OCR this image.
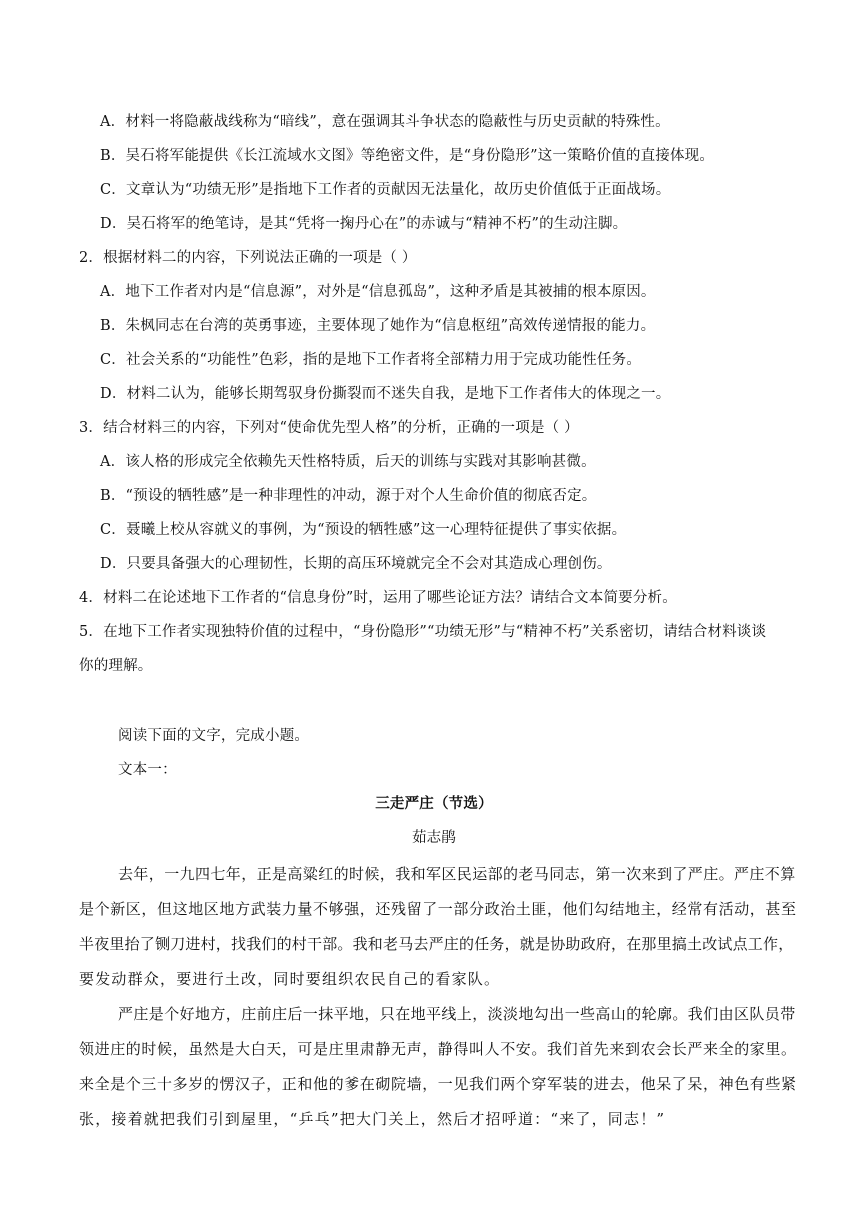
A．材料一将隐蔽战线称为“暗线”，意在强调其斗争状态的隐蔽性与历史贡献的特殊性。
B．吴石将军能提供《长江流域水文图》等绝密文件，是“身份隐形”这一策略价值的直接体现。
C．文章认为“功绩无形”是指地下工作者的贡献因无法量化，故历史价值低于正面战场。
D．吴石将军的绝笔诗，是其“凭将一掬丹心在”的赤诚与“精神不朽”的生动注脚。
2．根据材料二的内容，下列说法正确的一项是（ ）
A．地下工作者对内是“信息源”，对外是“信息孤岛”，这种矛盾是其被捕的根本原因。
B．朱枫同志在台湾的英勇事迹，主要体现了她作为“信息枢纽”高效传递情报的能力。
C．社会关系的“功能性”色彩，指的是地下工作者将全部精力用于完成功能性任务。
D．材料二认为，能够长期驾驭身份撕裂而不迷失自我，是地下工作者伟大的体现之一。
3．结合材料三的内容，下列对“使命优先型人格”的分析，正确的一项是（ ）
A．该人格的形成完全依赖先天性格特质，后天的训练与实践对其影响甚微。
B．“预设的牺牲感”是一种非理性的冲动，源于对个人生命价值的彻底否定。
C．聂曦上校从容就义的事例，为“预设的牺牲感”这一心理特征提供了事实依据。
D．只要具备强大的心理韧性，长期的高压环境就完全不会对其造成心理创伤。
4．材料二在论述地下工作者的“信息身份”时，运用了哪些论证方法？请结合文本简要分析。
5．在地下工作者实现独特价值的过程中，“身份隐形”“功绩无形”与“精神不朽”关系密切，请结合材料谈谈
你的理解。
阅读下面的文字，完成小题。
文本一：
三走严庄（节选）
茹志鹃
去年，一九四七年，正是高粱红的时候，我和军区民运部的老马同志，第一次来到了严庄。严庄不算
是个新区，但这地区地方武装力量不够强，还残留了一部分政治土匪，他们勾结地主，经常有活动，甚至
半夜里抬了铡刀进村，找我们的村干部。我和老马去严庄的任务，就是协助政府，在那里搞土改试点工作，
要发动群众，要进行土改，同时要组织农民自己的看家队。
严庄是个好地方，庄前庄后一抹平地，只在地平线上，淡淡地勾出一些高山的轮廓。我们由区队员带
领进庄的时候，虽然是大白天，可是庄里肃静无声，静得叫人不安。我们首先来到农会长严来全的家里。
来全是个三十多岁的愣汉子，正和他的爹在砌院墙，一见我们两个穿军装的进去，他呆了呆，神色有些紧
张，接着就把我们引到屋里，“乒乓”把大门关上，然后才招呼道：“来了，同志！”
